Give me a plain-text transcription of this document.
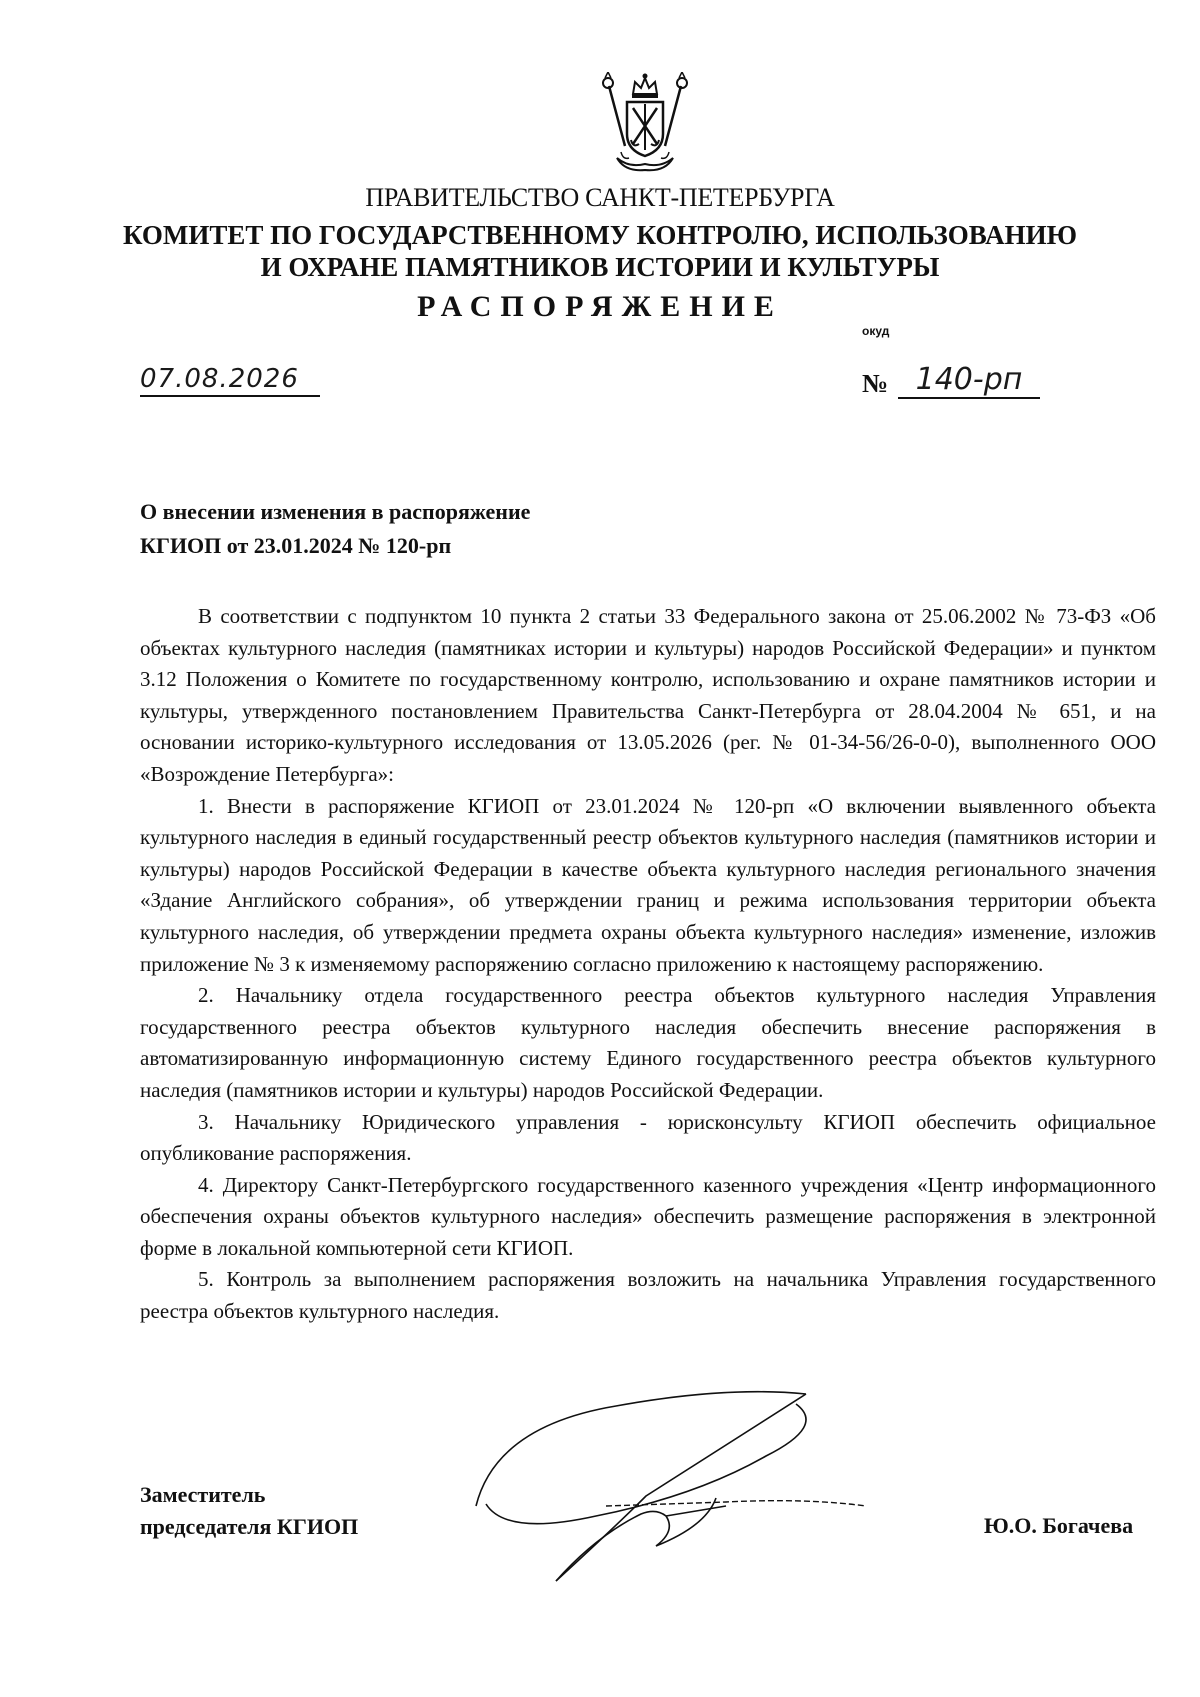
ПРАВИТЕЛЬСТВО САНКТ-ПЕТЕРБУРГА
КОМИТЕТ ПО ГОСУДАРСТВЕННОМУ КОНТРОЛЮ, ИСПОЛЬЗОВАНИЮ
И ОХРАНЕ ПАМЯТНИКОВ ИСТОРИИ И КУЛЬТУРЫ
РАСПОРЯЖЕНИЕ
окуд
07.08.2026	№ 140-рп
О внесении изменения в распоряжение
КГИОП от 23.01.2024 № 120-рп

В соответствии с подпунктом 10 пункта 2 статьи 33 Федерального закона от 25.06.2002 № 73-ФЗ «Об объектах культурного наследия (памятниках истории и культуры) народов Российской Федерации» и пунктом 3.12 Положения о Комитете по государственному контролю, использованию и охране памятников истории и культуры, утвержденного постановлением Правительства Санкт-Петербурга от 28.04.2004 № 651, и на основании историко-культурного исследования от 13.05.2026 (рег. № 01-34-56/26-0-0), выполненного ООО «Возрождение Петербурга»:

1. Внести в распоряжение КГИОП от 23.01.2024 № 120-рп «О включении выявленного объекта культурного наследия в единый государственный реестр объектов культурного наследия (памятников истории и культуры) народов Российской Федерации в качестве объекта культурного наследия регионального значения «Здание Английского собрания», об утверждении границ и режима использования территории объекта культурного наследия, об утверждении предмета охраны объекта культурного наследия» изменение, изложив приложение № 3 к изменяемому распоряжению согласно приложению к настоящему распоряжению.

2. Начальнику отдела государственного реестра объектов культурного наследия Управления государственного реестра объектов культурного наследия обеспечить внесение распоряжения в автоматизированную информационную систему Единого государственного реестра объектов культурного наследия (памятников истории и культуры) народов Российской Федерации.

3. Начальнику Юридического управления - юрисконсульту КГИОП обеспечить официальное опубликование распоряжения.

4. Директору Санкт-Петербургского государственного казенного учреждения «Центр информационного обеспечения охраны объектов культурного наследия» обеспечить размещение распоряжения в электронной форме в локальной компьютерной сети КГИОП.

5. Контроль за выполнением распоряжения возложить на начальника Управления государственного реестра объектов культурного наследия.

Заместитель
председателя КГИОП	Ю.О. Богачева
